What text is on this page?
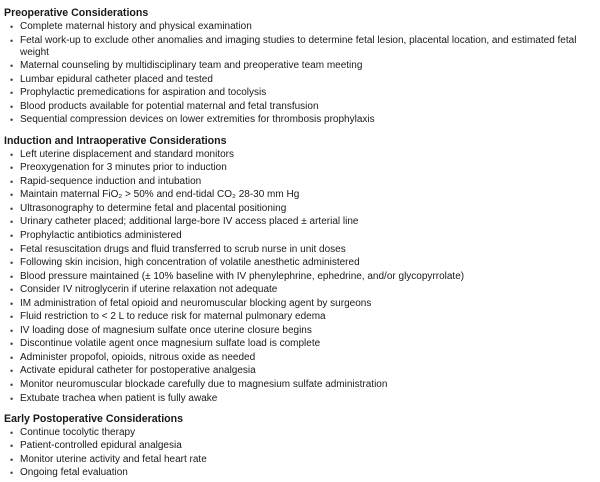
Preoperative Considerations
• Complete maternal history and physical examination
• Fetal work-up to exclude other anomalies and imaging studies to determine fetal lesion, placental location, and estimated fetal weight
• Maternal counseling by multidisciplinary team and preoperative team meeting
• Lumbar epidural catheter placed and tested
• Prophylactic premedications for aspiration and tocolysis
• Blood products available for potential maternal and fetal transfusion
• Sequential compression devices on lower extremities for thrombosis prophylaxis
Induction and Intraoperative Considerations
• Left uterine displacement and standard monitors
• Preoxygenation for 3 minutes prior to induction
• Rapid-sequence induction and intubation
• Maintain maternal FiO₂ > 50% and end-tidal CO₂ 28-30 mm Hg
• Ultrasonography to determine fetal and placental positioning
• Urinary catheter placed; additional large-bore IV access placed ± arterial line
• Prophylactic antibiotics administered
• Fetal resuscitation drugs and fluid transferred to scrub nurse in unit doses
• Following skin incision, high concentration of volatile anesthetic administered
• Blood pressure maintained (± 10% baseline with IV phenylephrine, ephedrine, and/or glycopyrrolate)
• Consider IV nitroglycerin if uterine relaxation not adequate
• IM administration of fetal opioid and neuromuscular blocking agent by surgeons
• Fluid restriction to < 2 L to reduce risk for maternal pulmonary edema
• IV loading dose of magnesium sulfate once uterine closure begins
• Discontinue volatile agent once magnesium sulfate load is complete
• Administer propofol, opioids, nitrous oxide as needed
• Activate epidural catheter for postoperative analgesia
• Monitor neuromuscular blockade carefully due to magnesium sulfate administration
• Extubate trachea when patient is fully awake
Early Postoperative Considerations
• Continue tocolytic therapy
• Patient-controlled epidural analgesia
• Monitor uterine activity and fetal heart rate
• Ongoing fetal evaluation
